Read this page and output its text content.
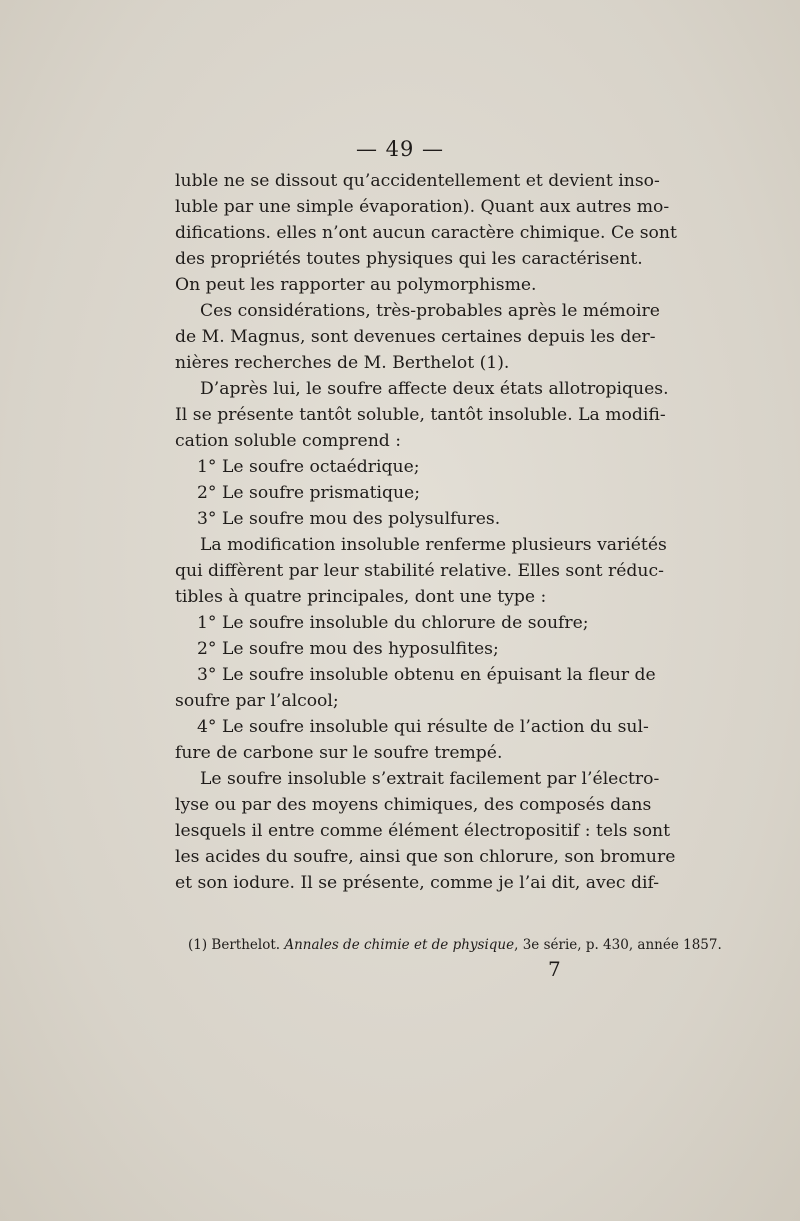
— 49 —
luble ne se dissout qu’accidentellement et devient inso-
luble par une simple évaporation). Quant aux autres mo-
difications. elles n’ont aucun caractère chimique. Ce sont
des propriétés toutes physiques qui les caractérisent.
On peut les rapporter au polymorphisme.
Ces considérations, très-probables après le mémoire
de M. Magnus, sont devenues certaines depuis les der-
nières recherches de M. Berthelot (1).
D’après lui, le soufre affecte deux états allotropiques.
Il se présente tantôt soluble, tantôt insoluble. La modifi-
cation soluble comprend :
1° Le soufre octaédrique;
2° Le soufre prismatique;
3° Le soufre mou des polysulfures.
La modification insoluble renferme plusieurs variétés
qui diffèrent par leur stabilité relative. Elles sont réduc-
tibles à quatre principales, dont une type :
1° Le soufre insoluble du chlorure de soufre;
2° Le soufre mou des hyposulfites;
3° Le soufre insoluble obtenu en épuisant la fleur de
soufre par l’alcool;
4° Le soufre insoluble qui résulte de l’action du sul-
fure de carbone sur le soufre trempé.
Le soufre insoluble s’extrait facilement par l’électro-
lyse ou par des moyens chimiques, des composés dans
lesquels il entre comme élément électropositif : tels sont
les acides du soufre, ainsi que son chlorure, son bromure
et son iodure. Il se présente, comme je l’ai dit, avec dif-
(1) Berthelot. Annales de chimie et de physique, 3e série, p. 430, année 1857.
7
